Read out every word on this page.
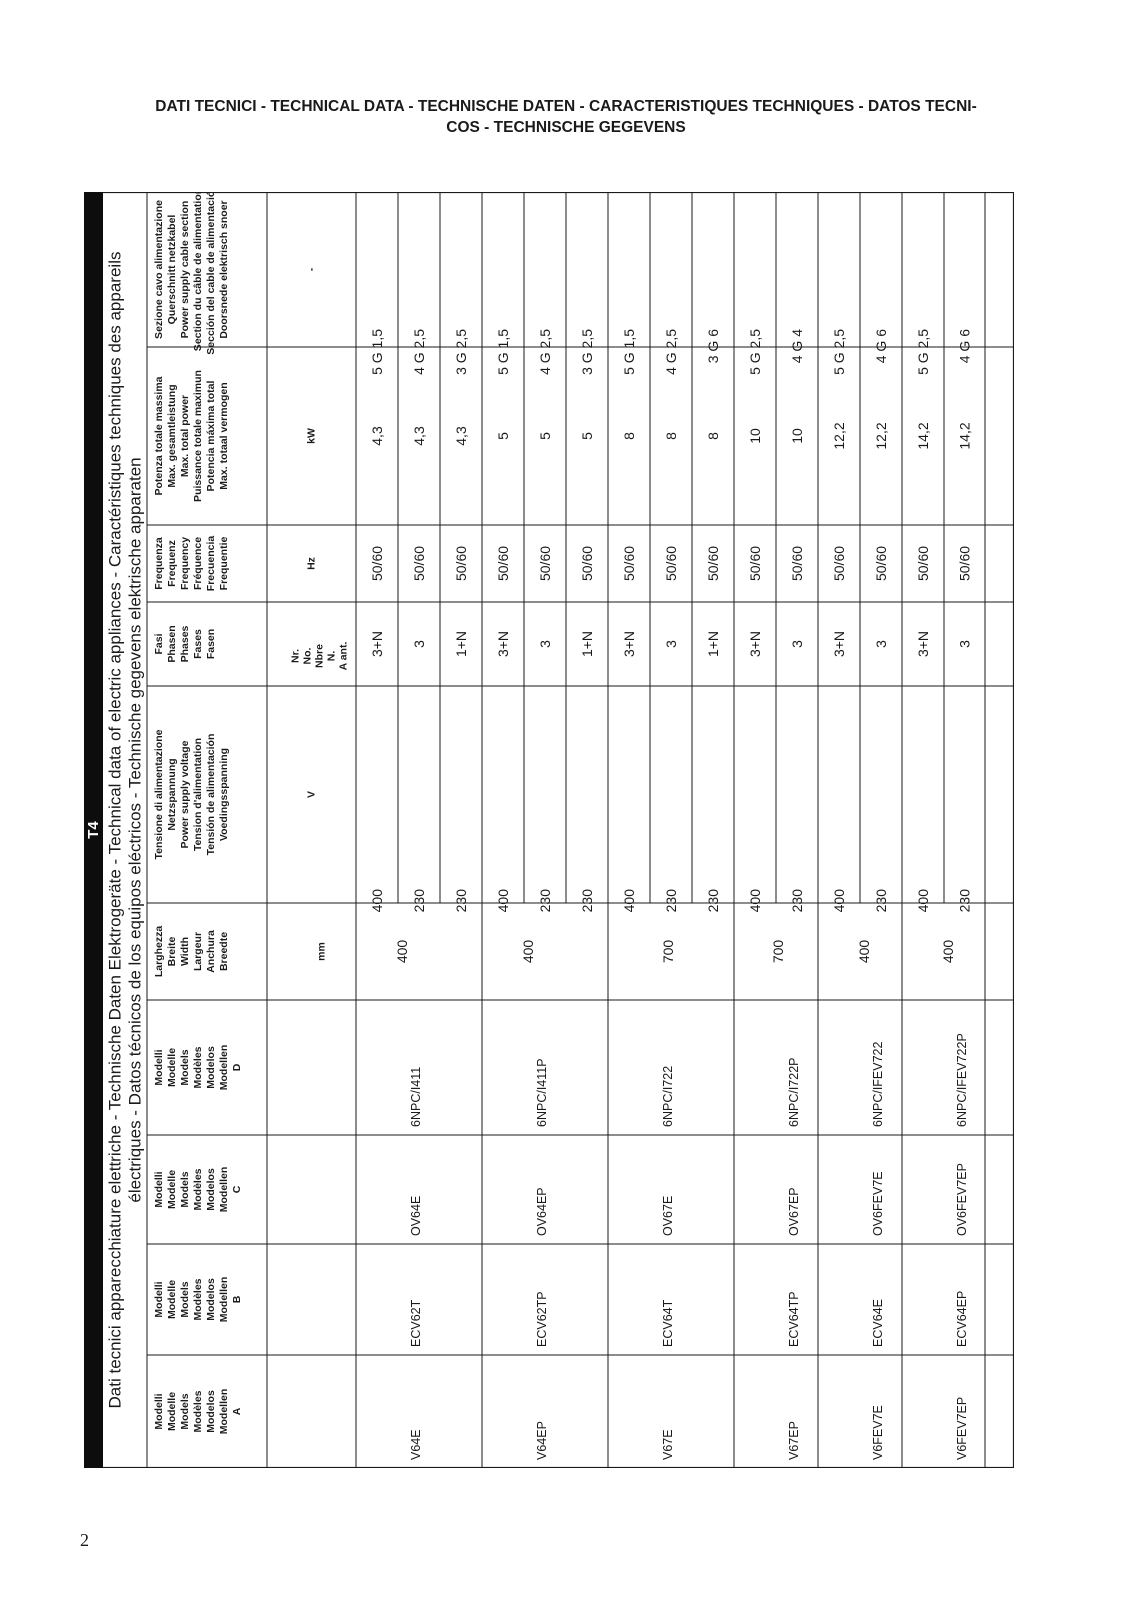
DATI TECNICI - TECHNICAL DATA - TECHNISCHE DATEN - CARACTERISTIQUES TECHNIQUES - DATOS TECNI-
COS - TECHNISCHE GEGEVENS
T4 Dati tecnici apparecchiature elettriche - Technische Daten Elektrogeräte - Technical data of electric appliances - Caractéristiques techniques des appareils électriques - Datos técnicos de los equipos eléctricos - Technische gegevens elektrische apparaten
Modelli Modelle Models Modèles Modelos Modellen A
Modelli Modelle Models Modèles Modelos Modellen B
Modelli Modelle Models Modèles Modelos Modellen C
Modelli Modelle Models Modèles Modelos Modellen D
Larghezza Breite Width Largeur Anchura Breedte
Tensione di alimentazione Netzspannung Power supply voltage Tension d'alimentation Tensión de alimentación Voedingsspanning
Fasi Phasen Phases Fases Fasen
Frequenza Frequenz Frequency Fréquence Frecuencia Frequentie
Potenza totale massima Max. gesamtleistung Max. total power Puissance totale maximun Potencia máxima total Max. totaal vermogen
Sezione cavo alimentazione Querschnitt netzkabel Power supply cable section Section du câble de alimentation Sección del cable de alimentación Doorsnede elektrisch snoer
mm
V
Nr. No. Nbre N. A ant.
Hz
kW
-
400
3+N
50/60
4,3
5 G 1,5
230
3
50/60
4,3
4 G 2,5
230
1+N
50/60
4,3
3 G 2,5
400
3+N
50/60
5
5 G 1,5
230
3
50/60
5
4 G 2,5
230
1+N
50/60
5
3 G 2,5
400
3+N
50/60
8
5 G 1,5
230
3
50/60
8
4 G 2,5
230
1+N
50/60
8
3 G 6
400
3+N
50/60
10
5 G 2,5
230
3
50/60
10
4 G 4
400
3+N
50/60
12,2
5 G 2,5
230
3
50/60
12,2
4 G 6
400
3+N
50/60
14,2
5 G 2,5
230
3
50/60
14,2
4 G 6
V64E
ECV62T
OV64E
6NPC/I411
400
V64EP
ECV62TP
OV64EP
6NPC/I411P
400
V67E
ECV64T
OV67E
6NPC/I722
700
V67EP
ECV64TP
OV67EP
6NPC/I722P
700
V6FEV7E
ECV64E
OV6FEV7E
6NPC/IFEV722
400
V6FEV7EP
ECV64EP
OV6FEV7EP
6NPC/IFEV722P
400
2
